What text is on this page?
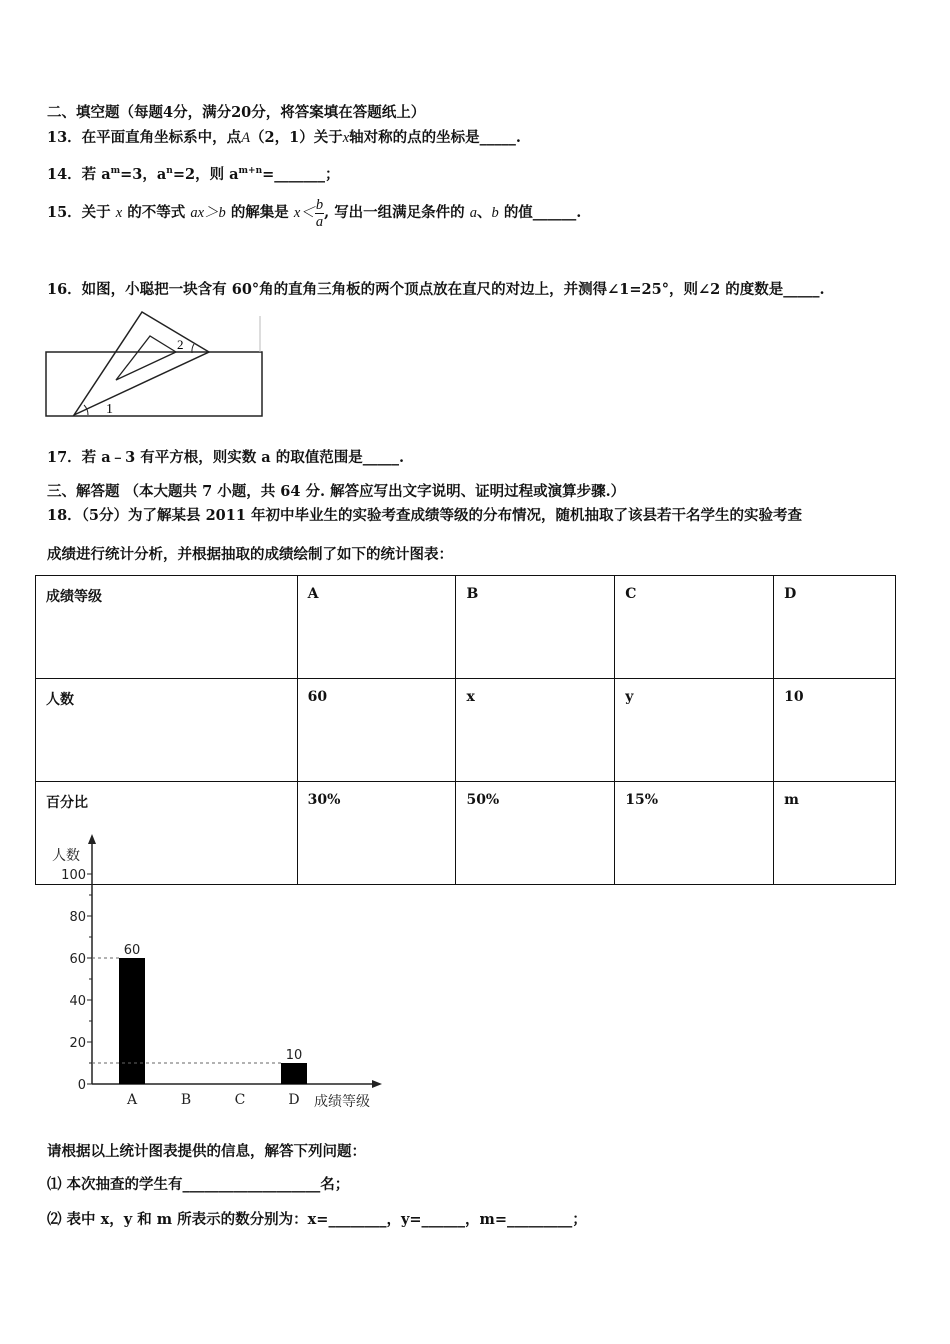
二、填空题（每题4分，满分20分，将答案填在答题纸上）
13．在平面直角坐标系中，点A（2，1）关于x轴对称的点的坐标是_____.
14．若 $a^m=3$，$a^n=2$，则 $a^{m+n}=\_\_\_\_\_\_\_$；
15．关于 x 的不等式 ax＞b 的解集是 $x< \frac{b}{a}$ , 写出一组满足条件的 a、b 的值______.
16．如图，小聪把一块含有 60°角的直角三角板的两个顶点放在直尺的对边上，并测得∠1=25°，则∠2 的度数是_____.
1
2
17．若 a﹣3 有平方根，则实数 a 的取值范围是_____.
三、解答题 （本大题共 7 小题，共 64 分. 解答应写出文字说明、证明过程或演算步骤.）
18．（5分）为了解某县 2011 年初中毕业生的实验考查成绩等级的分布情况，随机抽取了该县若干名学生的实验考查
成绩进行统计分析，并根据抽取的成绩绘制了如下的统计图表：
成绩等级	A	B	C	D
人数	60	x	y	10
百分比	30%	50%	15%	m
人数
成绩等级
0
20
40
60
80
100
A
60
B	C	D
10
请根据以上统计图表提供的信息，解答下列问题：
⑴ 本次抽查的学生有___________________名；
⑵ 表中 x，y 和 m 所表示的数分别为：x=________，y=______，m=_________；
